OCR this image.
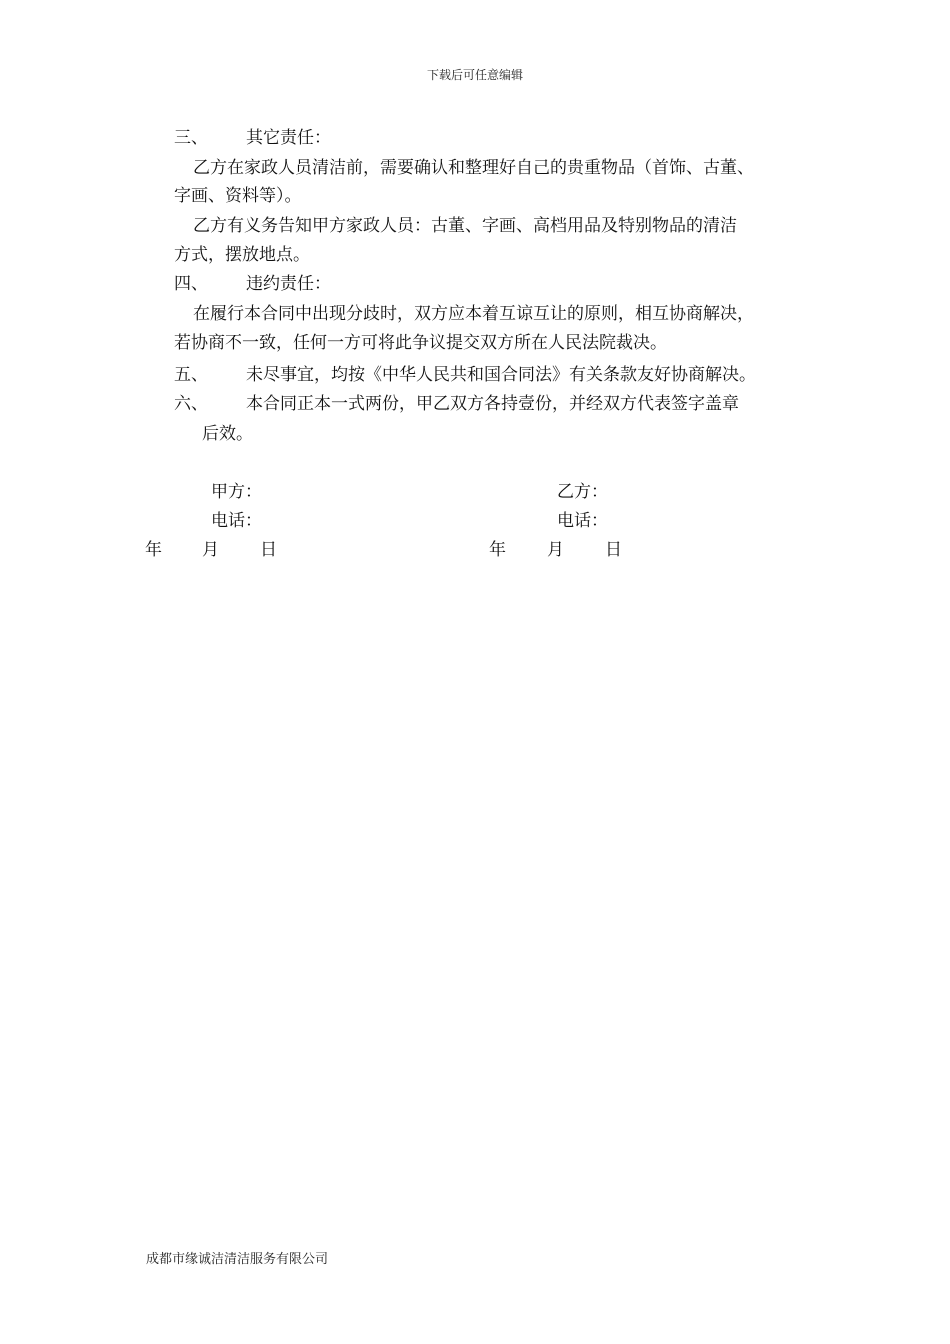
下载后可任意编辑
三、 其它责任：
乙方在家政人员清洁前，需要确认和整理好自己的贵重物品（首饰、古董、
字画、资料等）。
乙方有义务告知甲方家政人员：古董、字画、高档用品及特别物品的清洁
方式，摆放地点。
四、 违约责任：
在履行本合同中出现分歧时，双方应本着互谅互让的原则，相互协商解决，
若协商不一致，任何一方可将此争议提交双方所在人民法院裁决。
五、 未尽事宜，均按《中华人民共和国合同法》有关条款友好协商解决。
六、 本合同正本一式两份，甲乙双方各持壹份，并经双方代表签字盖章
后效。
甲方：	乙方：
电话：	电话：
年 月 日	年 月 日
成都市缘诚洁清洁服务有限公司
